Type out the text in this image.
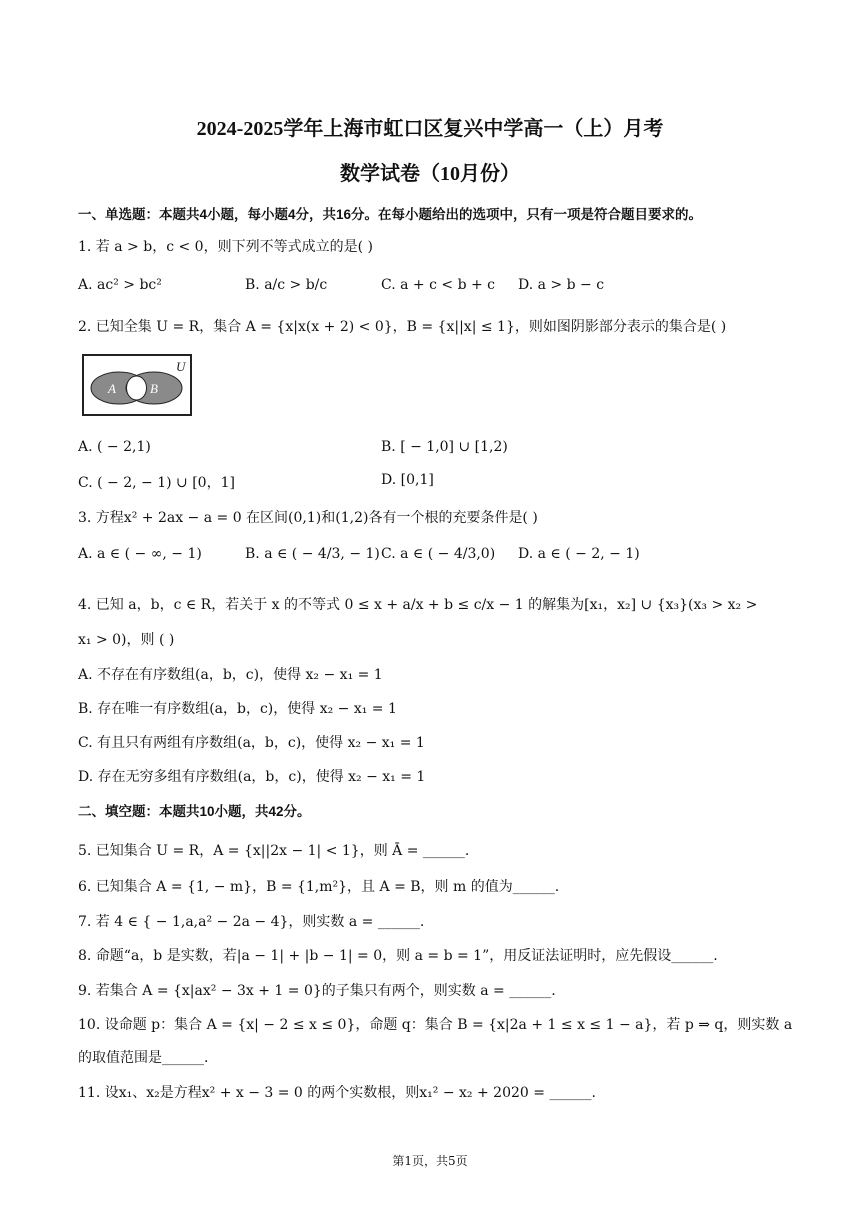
2024-2025学年上海市虹口区复兴中学高一（上）月考
数学试卷（10月份）
一、单选题：本题共4小题，每小题4分，共16分。在每小题给出的选项中，只有一项是符合题目要求的。
1. 若 a > b，c < 0，则下列不等式成立的是( )
A. ac² > bc²	B. a/c > b/c	C. a + c < b + c D. a > b − c
2. 已知全集 U = R，集合 A = {x|x(x + 2) < 0}，B = {x||x| ≤ 1}，则如图阴影部分表示的集合是( )
A	B
U
A. ( − 2,1)	B. [ − 1,0] ∪ [1,2)
C. ( − 2, − 1) ∪ [0，1]	D. [0,1]
3. 方程x² + 2ax − a = 0 在区间(0,1)和(1,2)各有一个根的充要条件是( )
A. a ∈ ( − ∞, − 1)	B. a ∈ ( − 4/3, − 1) C. a ∈ ( − 4/3,0) D. a ∈ ( − 2, − 1)
4. 已知 a，b，c ∈ R，若关于 x 的不等式 0 ≤ x + a/x + b ≤ c/x − 1 的解集为[x₁，x₂] ∪ {x₃}(x₃ > x₂ >
x₁ > 0)，则 ( )
A. 不存在有序数组(a，b，c)，使得 x₂ − x₁ = 1
B. 存在唯一有序数组(a，b，c)，使得 x₂ − x₁ = 1
C. 有且只有两组有序数组(a，b，c)，使得 x₂ − x₁ = 1
D. 存在无穷多组有序数组(a，b，c)，使得 x₂ − x₁ = 1
二、填空题：本题共10小题，共42分。
5. 已知集合 U = R，A = {x||2x − 1| < 1}，则 Ā = ______.
6. 已知集合 A = {1, − m}，B = {1,m²}，且 A = B，则 m 的值为______.
7. 若 4 ∈ { − 1,a,a² − 2a − 4}，则实数 a = ______.
8. 命题“a，b 是实数，若|a − 1| + |b − 1| = 0，则 a = b = 1”，用反证法证明时，应先假设______.
9. 若集合 A = {x|ax² − 3x + 1 = 0}的子集只有两个，则实数 a = ______.
10. 设命题 p：集合 A = {x| − 2 ≤ x ≤ 0}，命题 q：集合 B = {x|2a + 1 ≤ x ≤ 1 − a}，若 p ⇒ q，则实数 a
的取值范围是______.
11. 设x₁、x₂是方程x² + x − 3 = 0 的两个实数根，则x₁² − x₂ + 2020 = ______.
第1页，共5页
